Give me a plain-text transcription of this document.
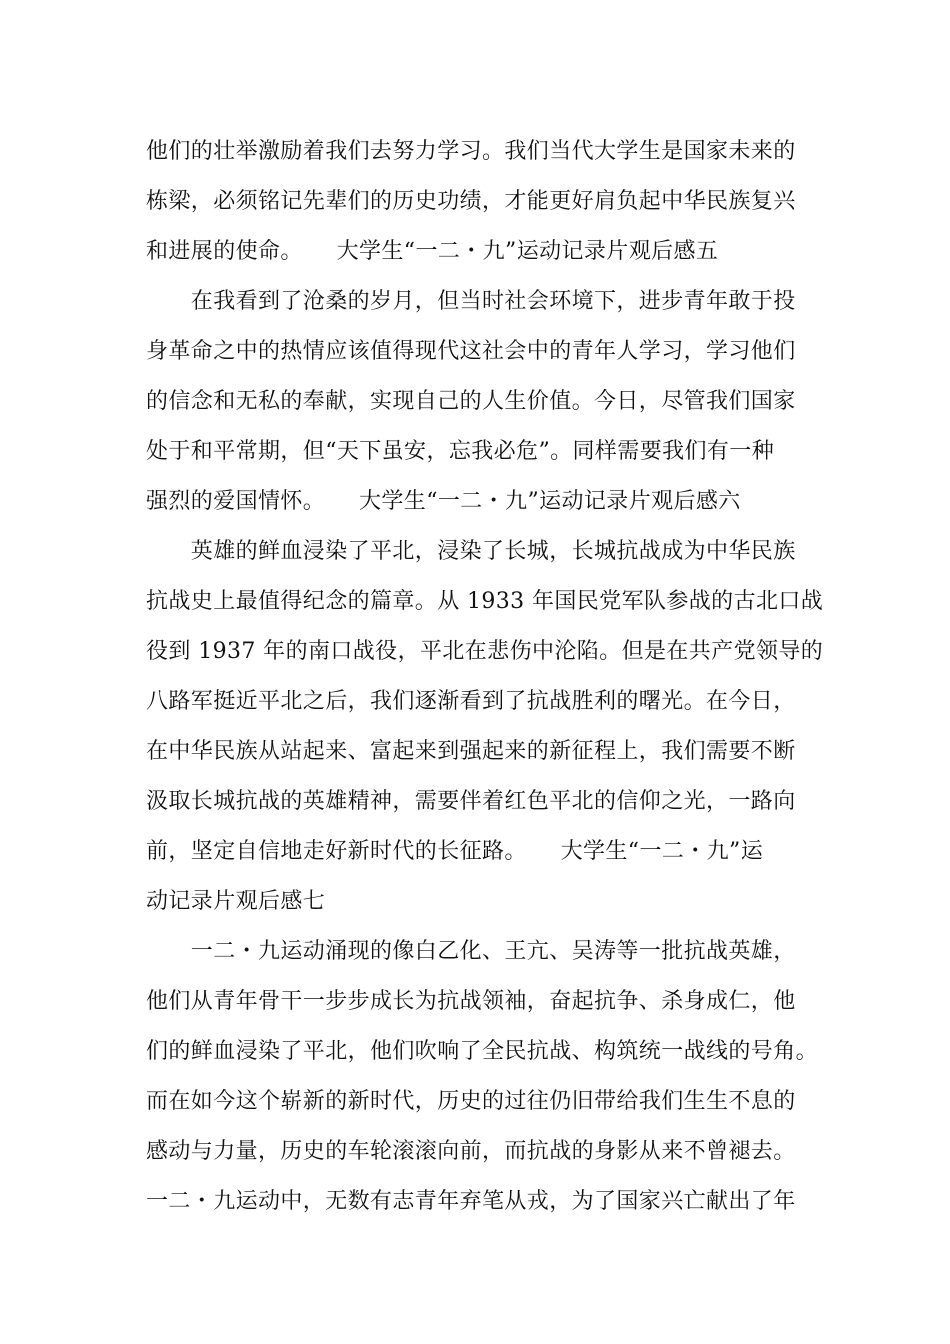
他们的壮举激励着我们去努力学习。我们当代大学生是国家未来的
栋梁，必须铭记先辈们的历史功绩，才能更好肩负起中华民族复兴
和进展的使命。　　大学生“一二・九”运动记录片观后感五
　　在我看到了沧桑的岁月，但当时社会环境下，进步青年敢于投
身革命之中的热情应该值得现代这社会中的青年人学习，学习他们
的信念和无私的奉献，实现自己的人生价值。今日，尽管我们国家
处于和平常期，但“天下虽安，忘我必危”。同样需要我们有一种
强烈的爱国情怀。　　大学生“一二・九”运动记录片观后感六
　　英雄的鲜血浸染了平北，浸染了长城，长城抗战成为中华民族
抗战史上最值得纪念的篇章。从 1933 年国民党军队参战的古北口战
役到 1937 年的南口战役，平北在悲伤中沦陷。但是在共产党领导的
八路军挺近平北之后，我们逐渐看到了抗战胜利的曙光。在今日，
在中华民族从站起来、富起来到强起来的新征程上，我们需要不断
汲取长城抗战的英雄精神，需要伴着红色平北的信仰之光，一路向
前，坚定自信地走好新时代的长征路。　　大学生“一二・九”运
动记录片观后感七
　　一二・九运动涌现的像白乙化、王亢、吴涛等一批抗战英雄，
他们从青年骨干一步步成长为抗战领袖，奋起抗争、杀身成仁，他
们的鲜血浸染了平北，他们吹响了全民抗战、构筑统一战线的号角。
而在如今这个崭新的新时代，历史的过往仍旧带给我们生生不息的
感动与力量，历史的车轮滚滚向前，而抗战的身影从来不曾褪去。
一二・九运动中，无数有志青年弃笔从戎，为了国家兴亡献出了年
